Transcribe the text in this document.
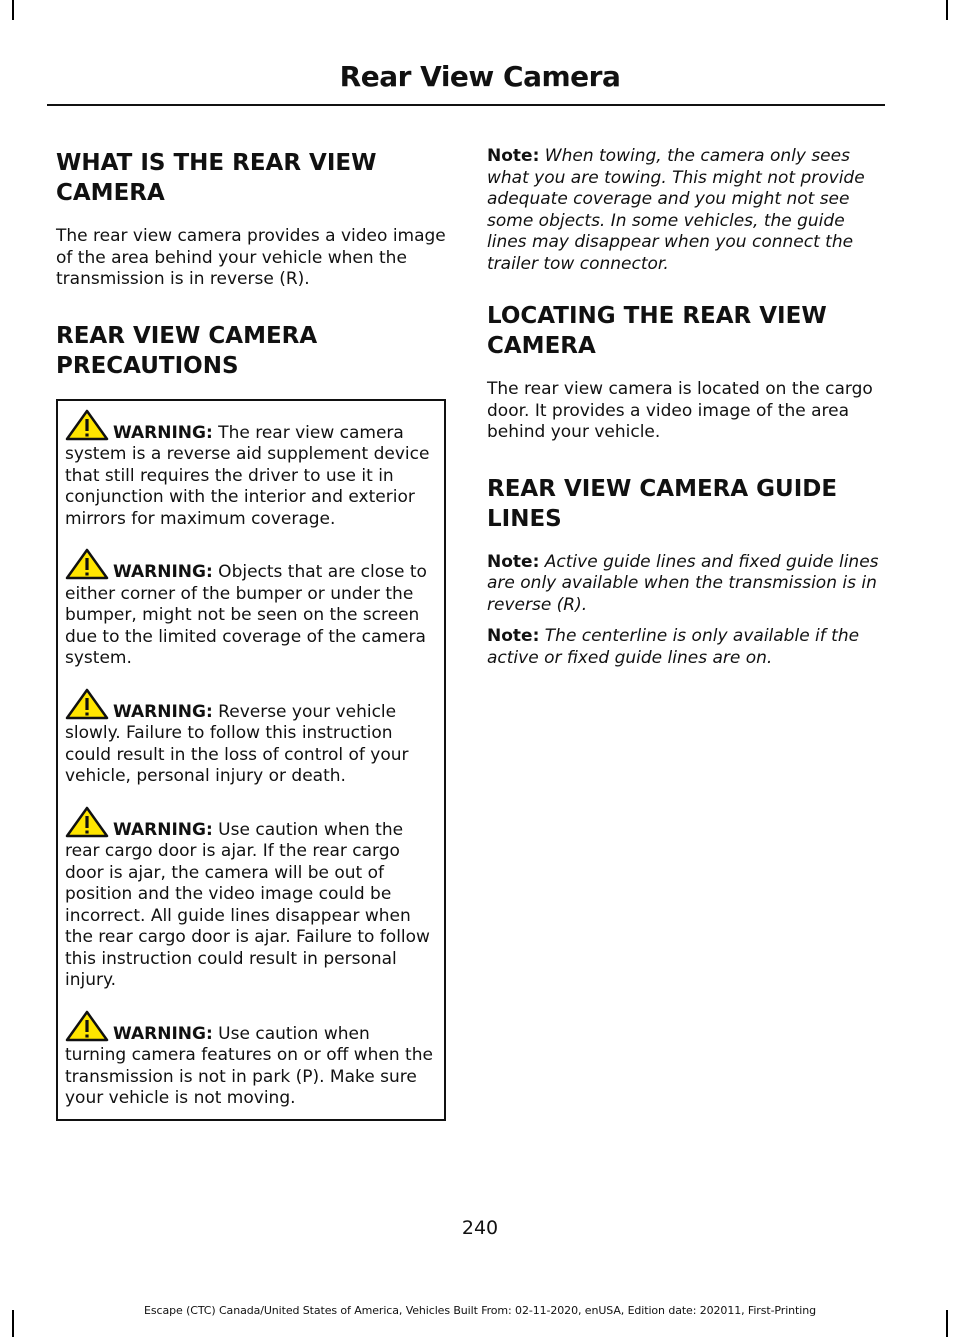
Rear View Camera
WHAT IS THE REAR VIEW
CAMERA

The rear view camera provides a video image of the area behind your vehicle when the transmission is in reverse (R).

REAR VIEW CAMERA
PRECAUTIONS

WARNING: The rear view camera system is a reverse aid supplement device that still requires the driver to use it in conjunction with the interior and exterior mirrors for maximum coverage.

WARNING: Objects that are close to either corner of the bumper or under the bumper, might not be seen on the screen due to the limited coverage of the camera system.

WARNING: Reverse your vehicle slowly. Failure to follow this instruction could result in the loss of control of your vehicle, personal injury or death.

WARNING: Use caution when the rear cargo door is ajar. If the rear cargo door is ajar, the camera will be out of position and the video image could be incorrect. All guide lines disappear when the rear cargo door is ajar. Failure to follow this instruction could result in personal injury.

WARNING: Use caution when turning camera features on or off when the transmission is not in park (P). Make sure your vehicle is not moving.

Note: When towing, the camera only sees what you are towing. This might not provide adequate coverage and you might not see some objects. In some vehicles, the guide lines may disappear when you connect the trailer tow connector.

LOCATING THE REAR VIEW
CAMERA

The rear view camera is located on the cargo door. It provides a video image of the area behind your vehicle.

REAR VIEW CAMERA GUIDE
LINES

Note: Active guide lines and fixed guide lines are only available when the transmission is in reverse (R).

Note: The centerline is only available if the active or fixed guide lines are on.

240
Escape (CTC) Canada/United States of America, Vehicles Built From: 02-11-2020, enUSA, Edition date: 202011, First-Printing
